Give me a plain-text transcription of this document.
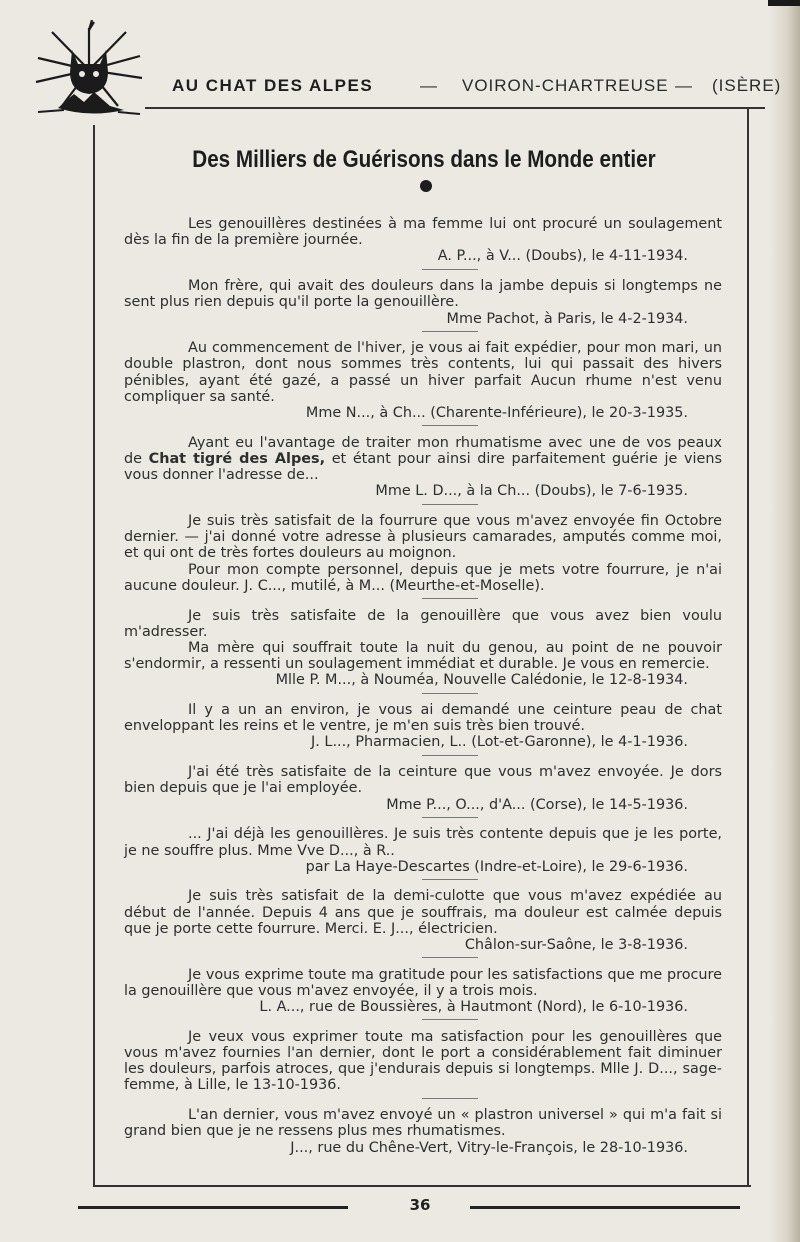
AU CHAT DES ALPES	— VOIRON-CHARTREUSE — (ISÈRE)
Des Milliers de Guérisons dans le Monde entier

Les genouillères destinées à ma femme lui ont procuré un soulagement dès la fin de la première journée.

A. P..., à V... (Doubs), le 4-11-1934.

Mon frère, qui avait des douleurs dans la jambe depuis si longtemps ne sent plus rien depuis qu'il porte la genouillère.

Mme Pachot, à Paris, le 4-2-1934.

Au commencement de l'hiver, je vous ai fait expédier, pour mon mari, un double plastron, dont nous sommes très contents, lui qui passait des hivers pénibles, ayant été gazé, a passé un hiver parfait Aucun rhume n'est venu compliquer sa santé.

Mme N..., à Ch... (Charente-Inférieure), le 20-3-1935.

Ayant eu l'avantage de traiter mon rhumatisme avec une de vos peaux de Chat tigré des Alpes, et étant pour ainsi dire parfaitement guérie je viens vous donner l'adresse de...

Mme L. D..., à la Ch... (Doubs), le 7-6-1935.

Je suis très satisfait de la fourrure que vous m'avez envoyée fin Octobre dernier. — j'ai donné votre adresse à plusieurs camarades, amputés comme moi, et qui ont de très fortes douleurs au moignon.

Pour mon compte personnel, depuis que je mets votre fourrure, je n'ai aucune douleur. J. C..., mutilé, à M... (Meurthe-et-Moselle).

Je suis très satisfaite de la genouillère que vous avez bien voulu m'adresser.

Ma mère qui souffrait toute la nuit du genou, au point de ne pouvoir s'endormir, a ressenti un soulagement immédiat et durable. Je vous en remercie.

Mlle P. M..., à Nouméa, Nouvelle Calédonie, le 12-8-1934.

Il y a un an environ, je vous ai demandé une ceinture peau de chat enveloppant les reins et le ventre, je m'en suis très bien trouvé.

J. L..., Pharmacien, L.. (Lot-et-Garonne), le 4-1-1936.

J'ai été très satisfaite de la ceinture que vous m'avez envoyée. Je dors bien depuis que je l'ai employée.

Mme P..., O..., d'A... (Corse), le 14-5-1936.

... J'ai déjà les genouillères. Je suis très contente depuis que je les porte, je ne souffre plus. Mme Vve D..., à R..

par La Haye-Descartes (Indre-et-Loire), le 29-6-1936.

Je suis très satisfait de la demi-culotte que vous m'avez expédiée au début de l'année. Depuis 4 ans que je souffrais, ma douleur est calmée depuis que je porte cette fourrure. Merci. E. J..., électricien.

Châlon-sur-Saône, le 3-8-1936.

Je vous exprime toute ma gratitude pour les satisfactions que me procure la genouillère que vous m'avez envoyée, il y a trois mois.

L. A..., rue de Boussières, à Hautmont (Nord), le 6-10-1936.

Je veux vous exprimer toute ma satisfaction pour les genouillères que vous m'avez fournies l'an dernier, dont le port a considérablement fait diminuer les douleurs, parfois atroces, que j'endurais depuis si longtemps. Mlle J. D..., sage-femme, à Lille, le 13-10-1936.

L'an dernier, vous m'avez envoyé un « plastron universel » qui m'a fait si grand bien que je ne ressens plus mes rhumatismes.

J..., rue du Chêne-Vert, Vitry-le-François, le 28-10-1936.
36
